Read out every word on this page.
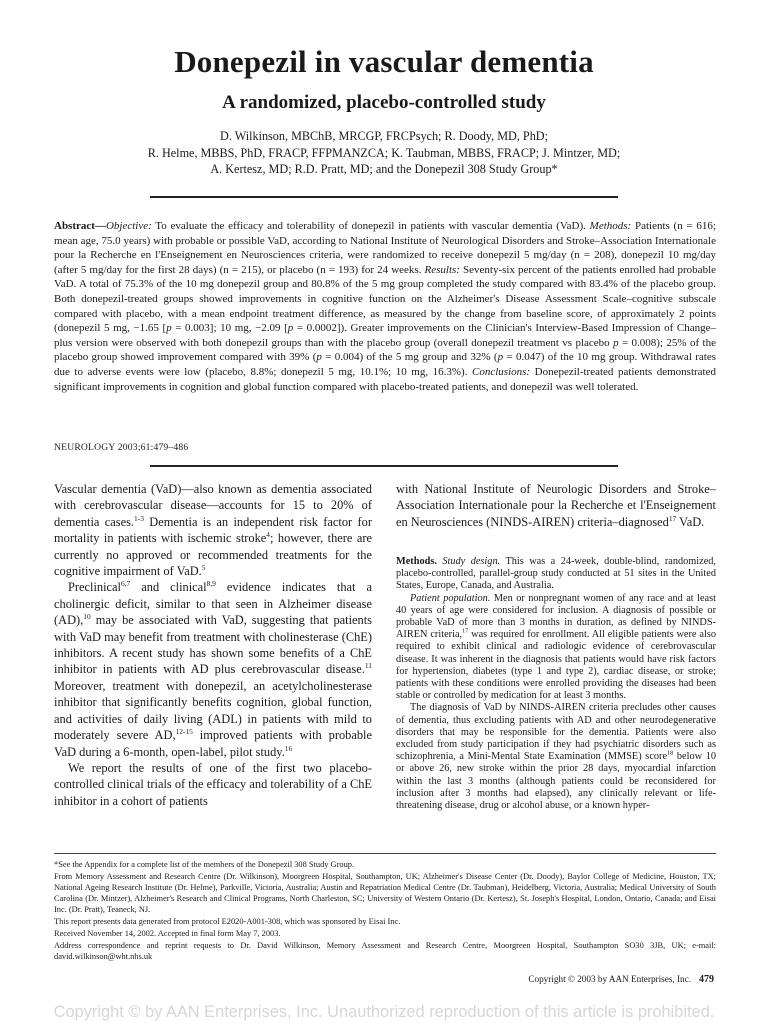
Donepezil in vascular dementia
A randomized, placebo-controlled study
D. Wilkinson, MBChB, MRCGP, FRCPsych; R. Doody, MD, PhD;
R. Helme, MBBS, PhD, FRACP, FFPMANZCA; K. Taubman, MBBS, FRACP; J. Mintzer, MD;
A. Kertesz, MD; R.D. Pratt, MD; and the Donepezil 308 Study Group*
Abstract—Objective: To evaluate the efficacy and tolerability of donepezil in patients with vascular dementia (VaD). Methods: Patients (n = 616; mean age, 75.0 years) with probable or possible VaD, according to National Institute of Neurological Disorders and Stroke–Association Internationale pour la Recherche en l'Enseignement en Neurosciences criteria, were randomized to receive donepezil 5 mg/day (n = 208), donepezil 10 mg/day (after 5 mg/day for the first 28 days) (n = 215), or placebo (n = 193) for 24 weeks. Results: Seventy-six percent of the patients enrolled had probable VaD. A total of 75.3% of the 10 mg donepezil group and 80.8% of the 5 mg group completed the study compared with 83.4% of the placebo group. Both donepezil-treated groups showed improvements in cognitive function on the Alzheimer's Disease Assessment Scale–cognitive subscale compared with placebo, with a mean endpoint treatment difference, as measured by the change from baseline score, of approximately 2 points (donepezil 5 mg, −1.65 [p = 0.003]; 10 mg, −2.09 [p = 0.0002]). Greater improvements on the Clinician's Interview-Based Impression of Change–plus version were observed with both donepezil groups than with the placebo group (overall donepezil treatment vs placebo p = 0.008); 25% of the placebo group showed improvement compared with 39% (p = 0.004) of the 5 mg group and 32% (p = 0.047) of the 10 mg group. Withdrawal rates due to adverse events were low (placebo, 8.8%; donepezil 5 mg, 10.1%; 10 mg, 16.3%). Conclusions: Donepezil-treated patients demonstrated significant improvements in cognition and global function compared with placebo-treated patients, and donepezil was well tolerated.
NEUROLOGY 2003;61:479–486

Vascular dementia (VaD)—also known as dementia associated with cerebrovascular disease—accounts for 15 to 20% of dementia cases.$^{1-3}$ Dementia is an independent risk factor for mortality in patients with ischemic stroke$^4$; however, there are currently no approved or recommended treatments for the cognitive impairment of VaD.$^5$

Preclinical$^{6,7}$ and clinical$^{8,9}$ evidence indicates that a cholinergic deficit, similar to that seen in Alzheimer disease (AD),$^{10}$ may be associated with VaD, suggesting that patients with VaD may benefit from treatment with cholinesterase (ChE) inhibitors. A recent study has shown some benefits of a ChE inhibitor in patients with AD plus cerebrovascular disease.$^{11}$ Moreover, treatment with donepezil, an acetylcholinesterase inhibitor that significantly benefits cognition, global function, and activities of daily living (ADL) in patients with mild to moderately severe AD,$^{12-15}$ improved patients with probable VaD during a 6-month, open-label, pilot study.$^{16}$

We report the results of one of the first two placebo-controlled clinical trials of the efficacy and tolerability of a ChE inhibitor in a cohort of patients

with National Institute of Neurologic Disorders and Stroke–Association Internationale pour la Recherche et l'Enseignement en Neurosciences (NINDS-AIREN) criteria–diagnosed$^{17}$ VaD.

Methods. Study design. This was a 24-week, double-blind, randomized, placebo-controlled, parallel-group study conducted at 51 sites in the United States, Europe, Canada, and Australia.

Patient population. Men or nonpregnant women of any race and at least 40 years of age were considered for inclusion. A diagnosis of possible or probable VaD of more than 3 months in duration, as defined by NINDS-AIREN criteria,$^{17}$ was required for enrollment. All eligible patients were also required to exhibit clinical and radiologic evidence of cerebrovascular disease. It was inherent in the diagnosis that patients would have risk factors for hypertension, diabetes (type 1 and type 2), cardiac disease, or stroke; patients with these conditions were enrolled providing the diseases had been stable or controlled by medication for at least 3 months.

The diagnosis of VaD by NINDS-AIREN criteria precludes other causes of dementia, thus excluding patients with AD and other neurodegenerative disorders that may be responsible for the dementia. Patients were also excluded from study participation if they had psychiatric disorders such as schizophrenia, a Mini-Mental State Examination (MMSE) score$^{18}$ below 10 or above 26, new stroke within the prior 28 days, myocardial infarction within the last 3 months (although patients could be reconsidered for inclusion after 3 months had elapsed), any clinically relevant or life-threatening disease, drug or alcohol abuse, or a known hyper-

*See the Appendix for a complete list of the members of the Donepezil 308 Study Group.

From Memory Assessment and Research Centre (Dr. Wilkinson), Moorgreen Hospital, Southampton, UK; Alzheimer's Disease Center (Dr. Doody), Baylor College of Medicine, Houston, TX; National Ageing Research Institute (Dr. Helme), Parkville, Victoria, Australia; Austin and Repatriation Medical Centre (Dr. Taubman), Heidelberg, Victoria, Australia; Medical University of South Carolina (Dr. Mintzer), Alzheimer's Research and Clinical Programs, North Charleston, SC; University of Western Ontario (Dr. Kertesz), St. Joseph's Hospital, London, Ontario, Canada; and Eisai Inc. (Dr. Pratt), Teaneck, NJ.

This report presents data generated from protocol E2020-A001-308, which was sponsored by Eisai Inc.

Received November 14, 2002. Accepted in final form May 7, 2003.

Address correspondence and reprint requests to Dr. David Wilkinson, Memory Assessment and Research Centre, Moorgreen Hospital, Southampton SO30 3JB, UK; e-mail: david.wilkinson@wht.nhs.uk

Copyright © 2003 by AAN Enterprises, Inc. 479
Copyright © by AAN Enterprises, Inc. Unauthorized reproduction of this article is prohibited.
